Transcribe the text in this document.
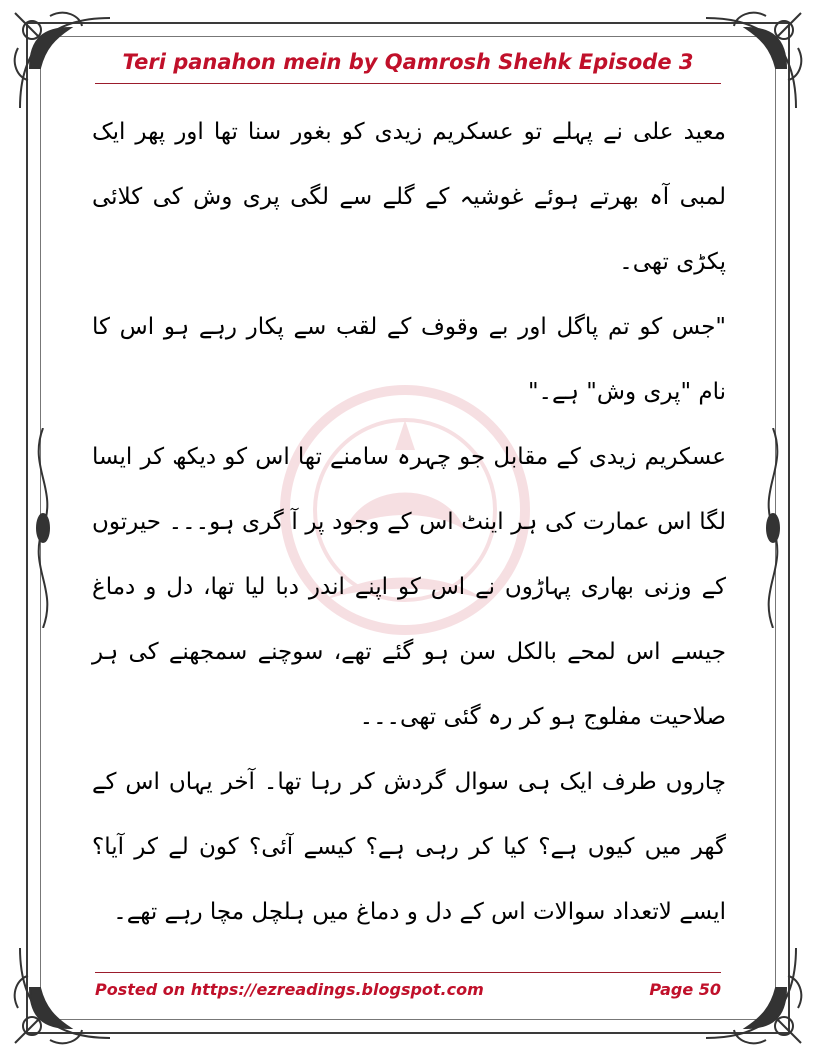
Teri panahon mein by Qamrosh Shehk Episode 3

معید علی نے پہلے تو عسکریم زیدی کو بغور سنا تھا اور پھر ایک لمبی آہ بھرتے ہوئے غوشیہ کے گلے سے لگی پری وش کی کلائی پکڑی تھی۔

"جس کو تم پاگل اور بے وقوف کے لقب سے پکار رہے ہو اس کا نام "پری وش" ہے۔"

عسکریم زیدی کے مقابل جو چہرہ سامنے تھا اس کو دیکھ کر ایسا لگا اس عمارت کی ہر اینٹ اس کے وجود پر آ گری ہو۔۔۔ حیرتوں کے وزنی بھاری پہاڑوں نے اس کو اپنے اندر دبا لیا تھا، دل و دماغ جیسے اس لمحے بالکل سن ہو گئے تھے، سوچنے سمجھنے کی ہر صلاحیت مفلوج ہو کر رہ گئی تھی۔۔۔

چاروں طرف ایک ہی سوال گردش کر رہا تھا۔ آخر یہاں اس کے گھر میں کیوں ہے؟ کیا کر رہی ہے؟ کیسے آئی؟ کون لے کر آیا؟ ایسے لاتعداد سوالات اس کے دل و دماغ میں ہلچل مچا رہے تھے۔

Posted on https://ezreadings.blogspot.com	Page 50
